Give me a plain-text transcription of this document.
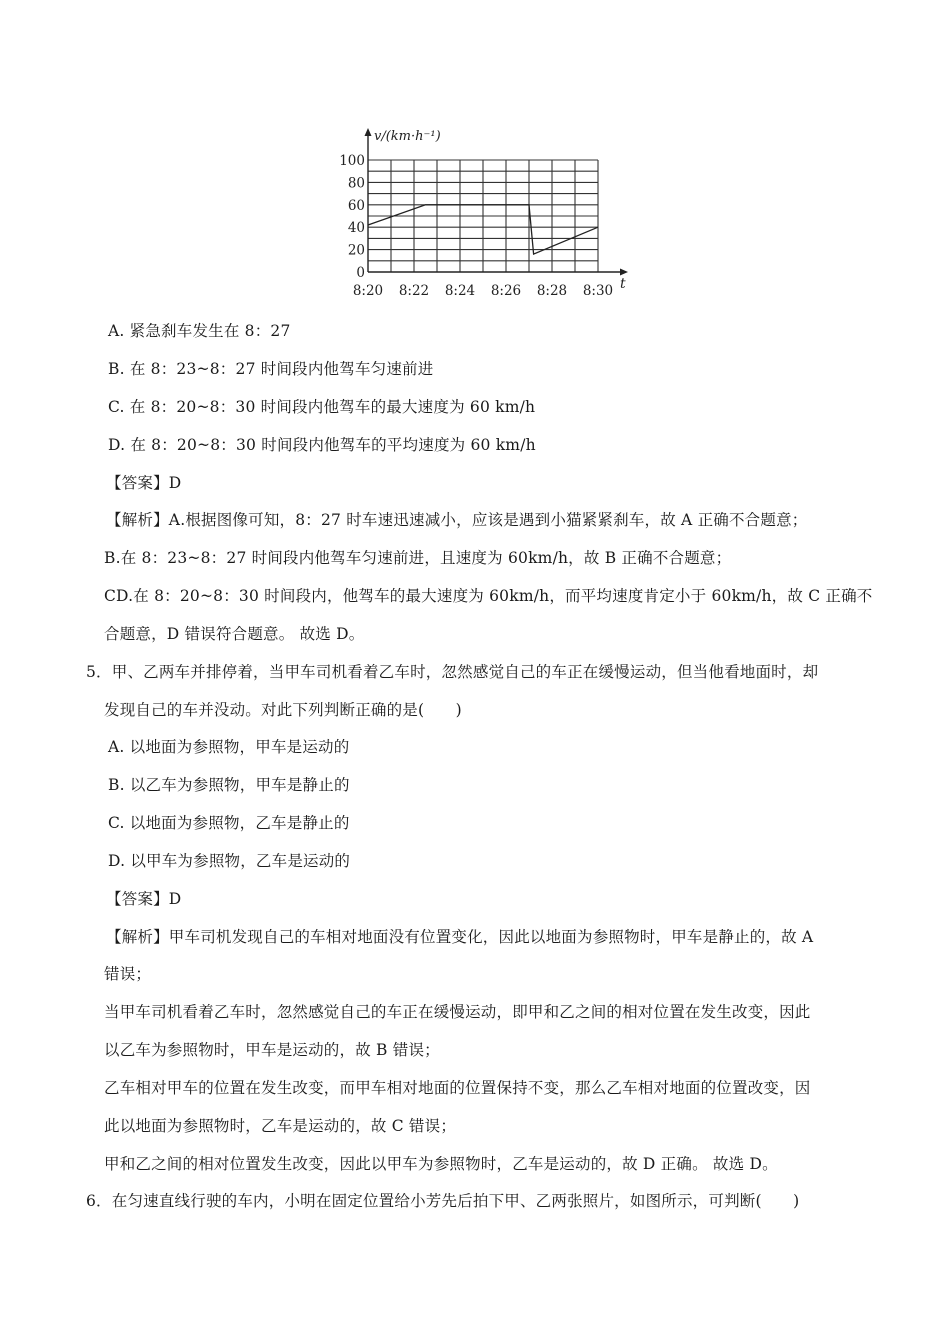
0
20
40
60
80
100
8:20 8:22 8:24 8:26 8:28 8:30
v/(km·h⁻¹)
t
A. 紧急刹车发生在 8：27
B. 在 8：23~8：27 时间段内他驾车匀速前进
C. 在 8：20~8：30 时间段内他驾车的最大速度为 60 km/h
D. 在 8：20~8：30 时间段内他驾车的平均速度为 60 km/h
【答案】D
【解析】A.根据图像可知，8：27 时车速迅速减小，应该是遇到小猫紧紧刹车，故 A 正确不合题意；
B.在 8：23~8：27 时间段内他驾车匀速前进，且速度为 60km/h，故 B 正确不合题意；
CD.在 8：20~8：30 时间段内，他驾车的最大速度为 60km/h，而平均速度肯定小于 60km/h，故 C 正确不
合题意，D 错误符合题意。 故选 D。
5．甲、乙两车并排停着，当甲车司机看着乙车时，忽然感觉自己的车正在缓慢运动，但当他看地面时，却
发现自己的车并没动。对此下列判断正确的是(　　)
A. 以地面为参照物，甲车是运动的
B. 以乙车为参照物，甲车是静止的
C. 以地面为参照物，乙车是静止的
D. 以甲车为参照物，乙车是运动的
【答案】D
【解析】甲车司机发现自己的车相对地面没有位置变化，因此以地面为参照物时，甲车是静止的，故 A
错误；
当甲车司机看着乙车时，忽然感觉自己的车正在缓慢运动，即甲和乙之间的相对位置在发生改变，因此
以乙车为参照物时，甲车是运动的，故 B 错误；
乙车相对甲车的位置在发生改变，而甲车相对地面的位置保持不变，那么乙车相对地面的位置改变，因
此以地面为参照物时，乙车是运动的，故 C 错误；
甲和乙之间的相对位置发生改变，因此以甲车为参照物时，乙车是运动的，故 D 正确。 故选 D。
6．在匀速直线行驶的车内，小明在固定位置给小芳先后拍下甲、乙两张照片，如图所示，可判断(　　)
